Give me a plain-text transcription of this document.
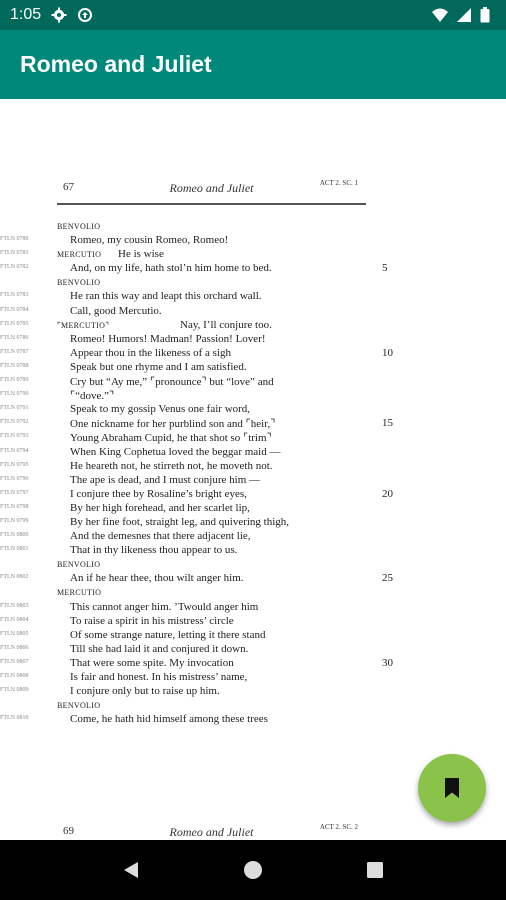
1:05
Romeo and Juliet
67	Romeo and Juliet	ACT 2. SC. 1
BENVOLIO
FTLN 0780	Romeo, my cousin Romeo, Romeo!
FTLN 0781	MERCUTIO He is wise
FTLN 0782	And, on my life, hath stol’n him home to bed.	5
BENVOLIO
FTLN 0783	He ran this way and leapt this orchard wall.
FTLN 0784	Call, good Mercutio.
FTLN 0785	⌜MERCUTIO⌝	Nay, I’ll conjure too.
FTLN 0786	Romeo! Humors! Madman! Passion! Lover!
FTLN 0787	Appear thou in the likeness of a sigh	10
FTLN 0788	Speak but one rhyme and I am satisfied.
FTLN 0789	Cry but “Ay me,” ⌜pronounce⌝ but “love” and
FTLN 0790	⌜“dove.”⌝
FTLN 0791	Speak to my gossip Venus one fair word,
FTLN 0792	One nickname for her purblind son and ⌜heir,⌝	15
FTLN 0793	Young Abraham Cupid, he that shot so ⌜trim⌝
FTLN 0794	When King Cophetua loved the beggar maid —
FTLN 0795	He heareth not, he stirreth not, he moveth not.
FTLN 0796	The ape is dead, and I must conjure him —
FTLN 0797	I conjure thee by Rosaline’s bright eyes,	20
FTLN 0798	By her high forehead, and her scarlet lip,
FTLN 0799	By her fine foot, straight leg, and quivering thigh,
FTLN 0800	And the demesnes that there adjacent lie,
FTLN 0801	That in thy likeness thou appear to us.
BENVOLIO
FTLN 0802	An if he hear thee, thou wilt anger him.	25
MERCUTIO
FTLN 0803	This cannot anger him. ’Twould anger him
FTLN 0804	To raise a spirit in his mistress’ circle
FTLN 0805	Of some strange nature, letting it there stand
FTLN 0806	Till she had laid it and conjured it down.
FTLN 0807	That were some spite. My invocation	30
FTLN 0808	Is fair and honest. In his mistress’ name,
FTLN 0809	I conjure only but to raise up him.
BENVOLIO
FTLN 0810	Come, he hath hid himself among these trees
69	Romeo and Juliet	ACT 2. SC. 2
